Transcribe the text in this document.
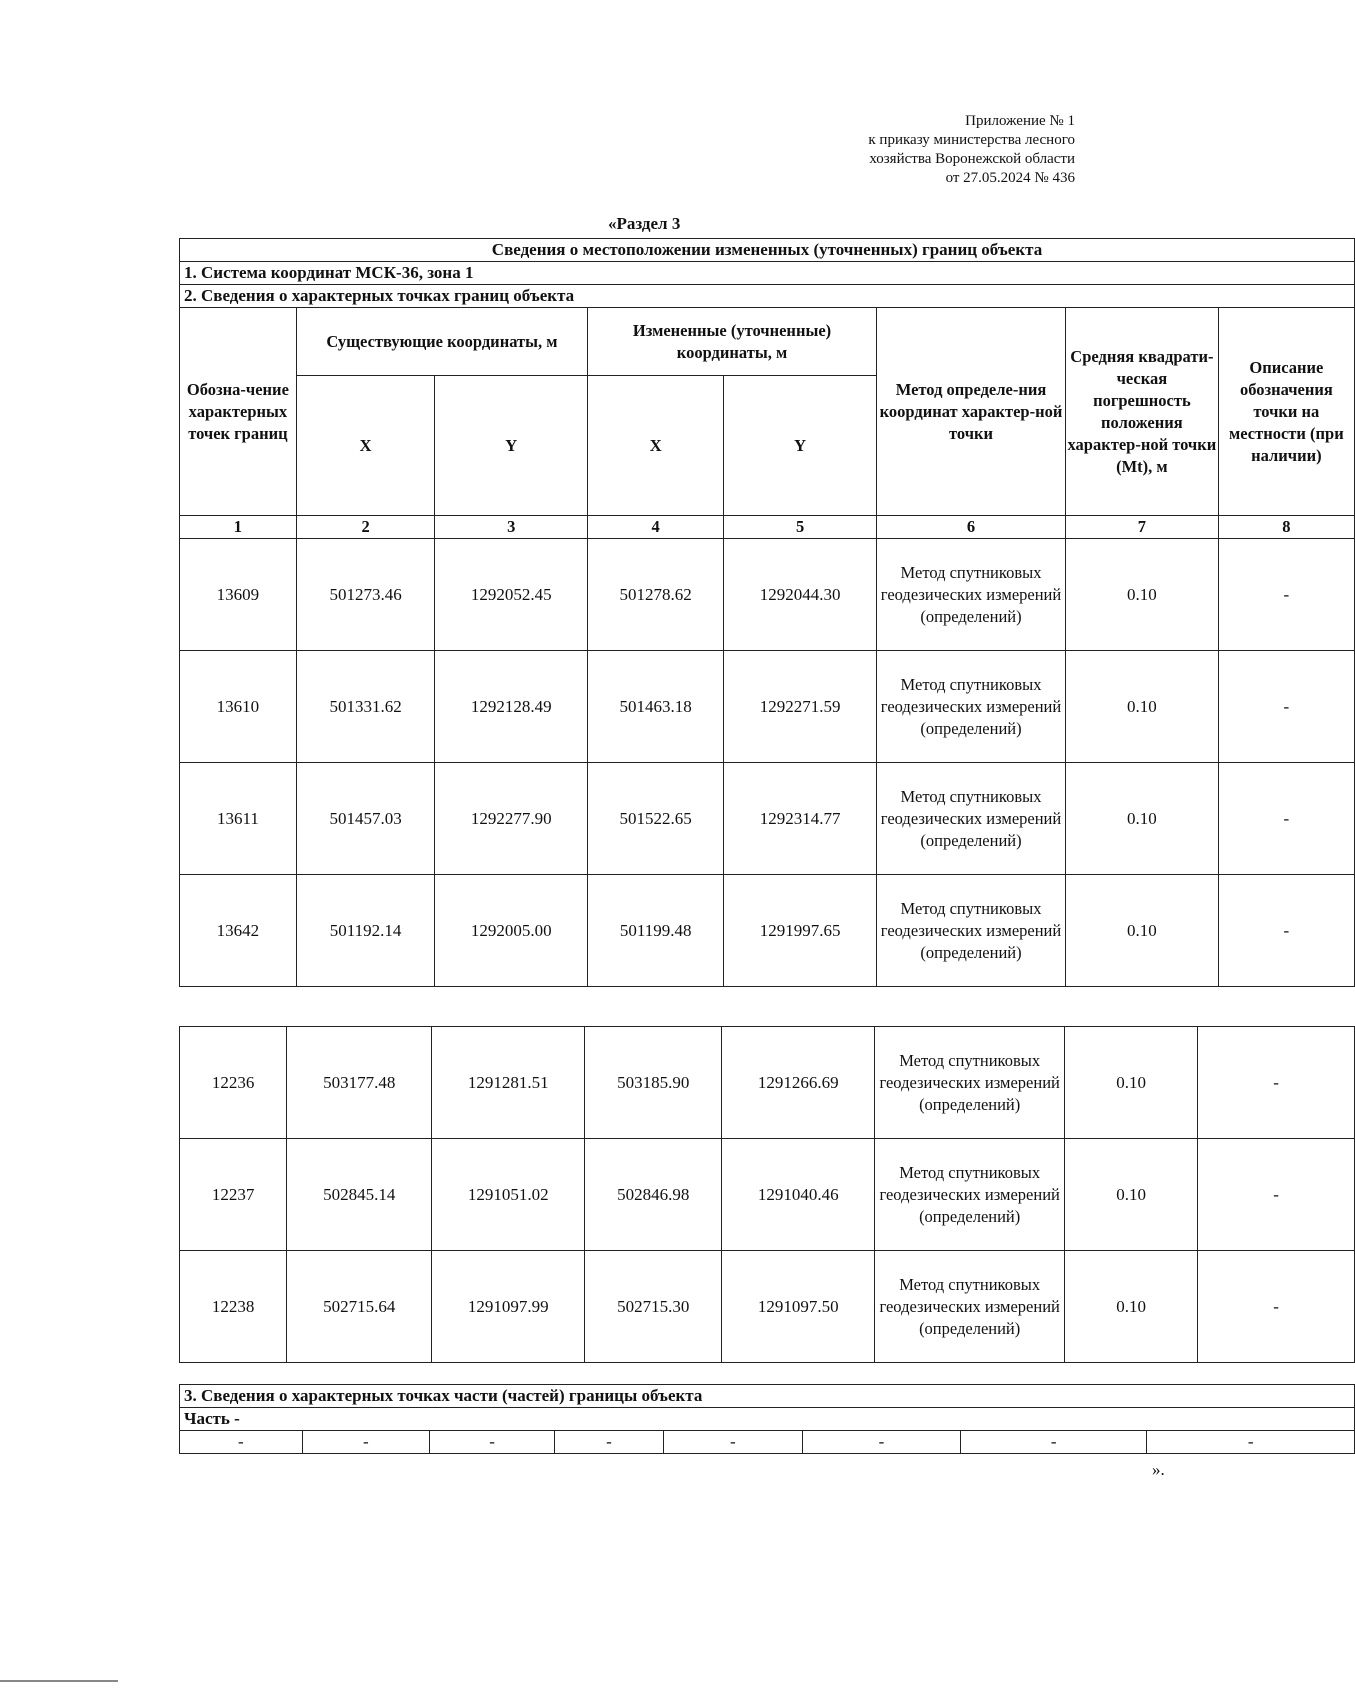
Приложение № 1
к приказу министерства лесного
хозяйства Воронежской области
от 27.05.2024 № 436
«Раздел 3
Сведения о местоположении измененных (уточненных) границ объекта							
1. Система координат МСК-36, зона 1							
2. Сведения о характерных точках границ объекта							
Обозна-чение характерных точек границ	Существующие координаты, м		Измененные (уточненные) координаты, м		Метод определе-ния координат характер-ной точки	Средняя квадрати-ческая погрешность положения характер-ной точки (Mt), м	Описание обозначения точки на местности (при наличии)
	X	Y	X	Y			
1	2	3	4	5	6	7	8
13609	501273.46	1292052.45	501278.62	1292044.30	Метод спутниковых геодезических измерений (определений)	0.10	-
13610	501331.62	1292128.49	501463.18	1292271.59	Метод спутниковых геодезических измерений (определений)	0.10	-
13611	501457.03	1292277.90	501522.65	1292314.77	Метод спутниковых геодезических измерений (определений)	0.10	-
13642	501192.14	1292005.00	501199.48	1291997.65	Метод спутниковых геодезических измерений (определений)	0.10	-
12236	503177.48	1291281.51	503185.90	1291266.69	Метод спутниковых геодезических измерений (определений)	0.10	-
12237	502845.14	1291051.02	502846.98	1291040.46	Метод спутниковых геодезических измерений (определений)	0.10	-
12238	502715.64	1291097.99	502715.30	1291097.50	Метод спутниковых геодезических измерений (определений)	0.10	-
3. Сведения о характерных точках части (частей) границы объекта
Часть -
-	-	-	-	-	-	-	-
».
